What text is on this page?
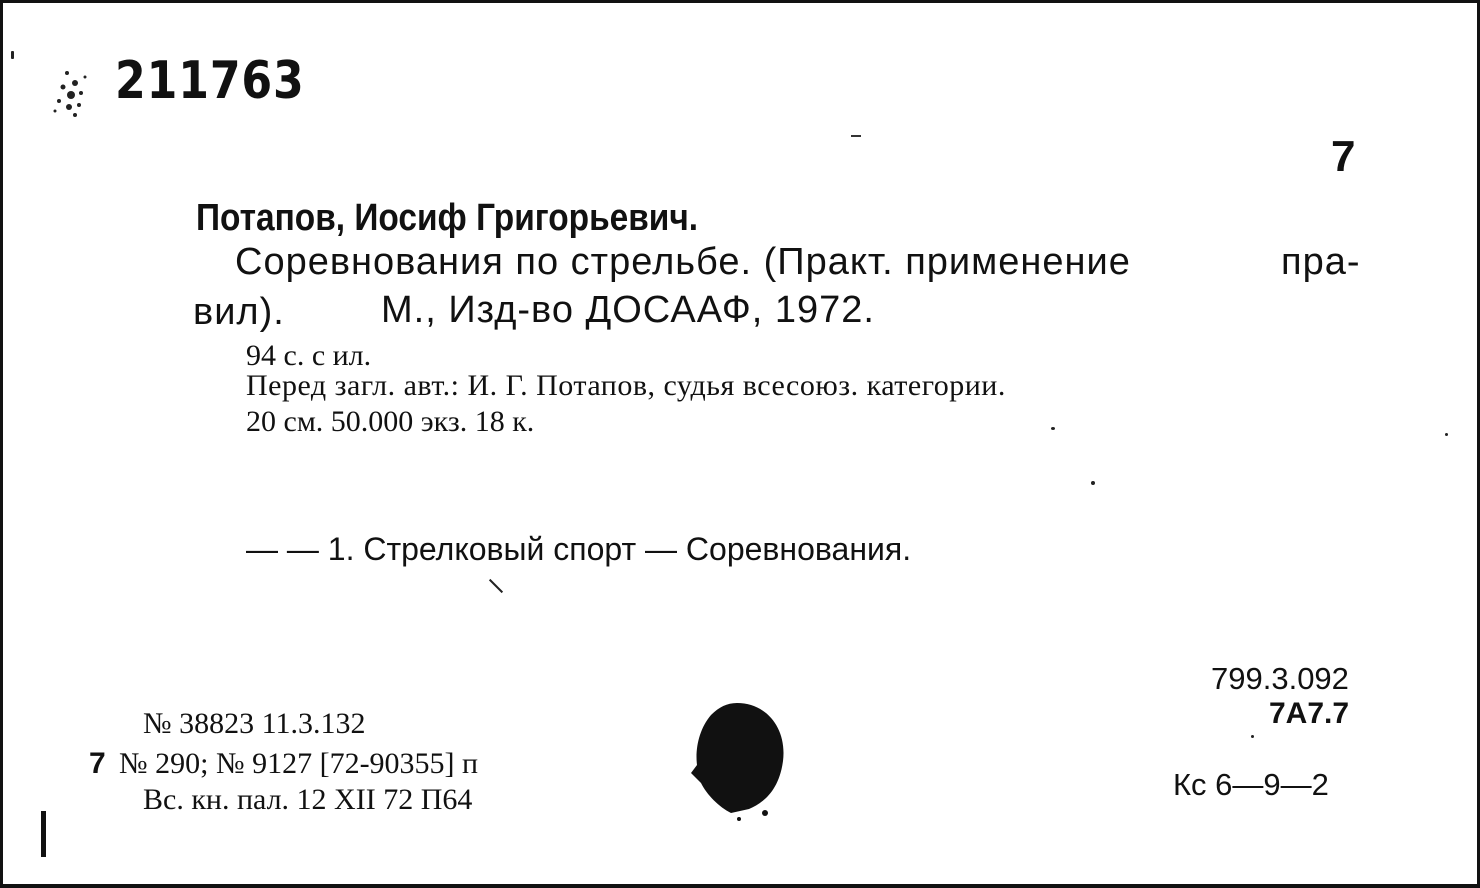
211763
7
Потапов, Иосиф Григорьевич.
Соревнования по стрельбе. (Практ. применение	пра-
вил).	М., Изд-во ДОСААФ, 1972.
94 с. с ил.
Перед загл. авт.: И. Г. Потапов, судья всесоюз. категории.
20 см. 50.000 экз. 18 к.
— — 1. Стрелковый спорт — Соревнования.
799.3.092
7А7.7
Кс 6—9—2
№ 38823 11.3.132
7 № 290; № 9127 [72-90355] п
Вс. кн. пал. 12 XII 72 П64
